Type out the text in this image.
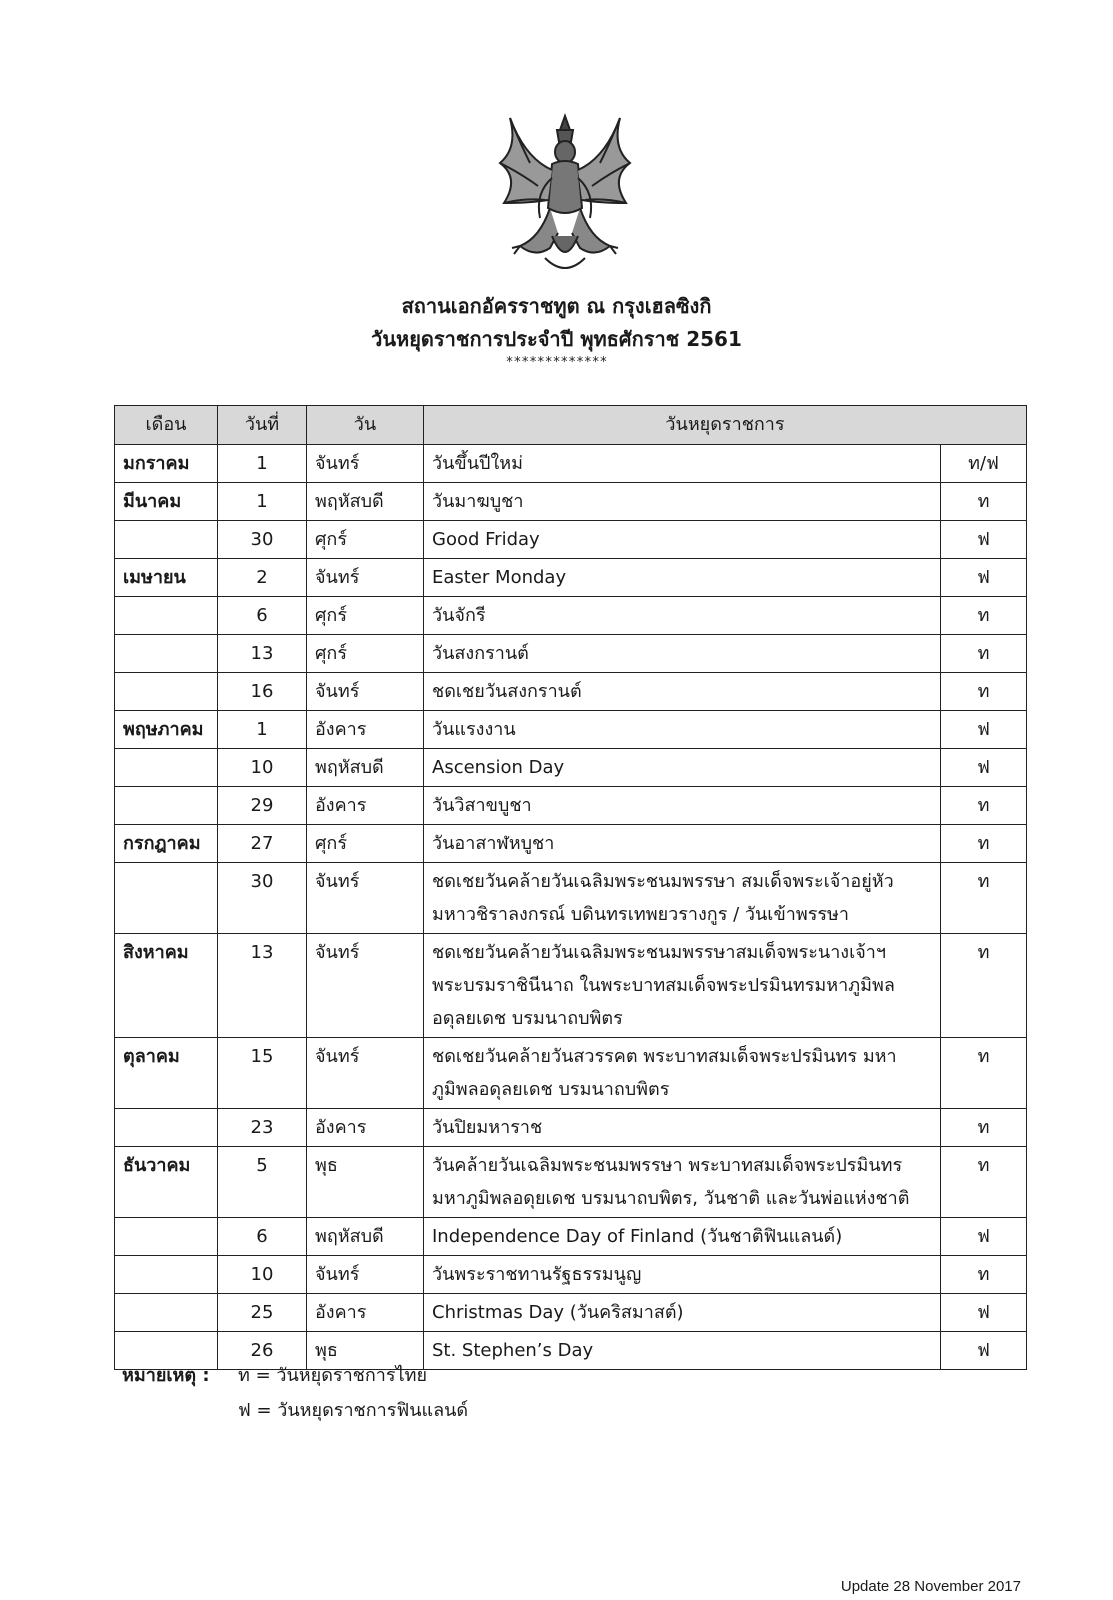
สถานเอกอัครราชทูต ณ กรุงเฮลซิงกิ
วันหยุดราชการประจำปี พุทธศักราช 2561
*************
เดือน	วันที่	วัน	วันหยุดราชการ	
มกราคม	1	จันทร์	วันขึ้นปีใหม่	ท/ฟ
มีนาคม	1	พฤหัสบดี	วันมาฆบูชา	ท
	30	ศุกร์	Good Friday	ฟ
เมษายน	2	จันทร์	Easter Monday	ฟ
	6	ศุกร์	วันจักรี	ท
	13	ศุกร์	วันสงกรานต์	ท
	16	จันทร์	ชดเชยวันสงกรานต์	ท
พฤษภาคม	1	อังคาร	วันแรงงาน	ฟ
	10	พฤหัสบดี	Ascension Day	ฟ
	29	อังคาร	วันวิสาขบูชา	ท
กรกฎาคม	27	ศุกร์	วันอาสาฬหบูชา	ท
	30	จันทร์	ชดเชยวันคล้ายวันเฉลิมพระชนมพรรษา สมเด็จพระเจ้าอยู่หัว มหาวชิราลงกรณ์ บดินทรเทพยวรางกูร / วันเข้าพรรษา	ท
สิงหาคม	13	จันทร์	ชดเชยวันคล้ายวันเฉลิมพระชนมพรรษาสมเด็จพระนางเจ้าฯ พระบรมราชินีนาถ ในพระบาทสมเด็จพระปรมินทรมหาภูมิพล อดุลยเดช บรมนาถบพิตร	ท
ตุลาคม	15	จันทร์	ชดเชยวันคล้ายวันสวรรคต พระบาทสมเด็จพระปรมินทร มหาภูมิพลอดุลยเดช บรมนาถบพิตร	ท
	23	อังคาร	วันปิยมหาราช	ท
ธันวาคม	5	พุธ	วันคล้ายวันเฉลิมพระชนมพรรษา พระบาทสมเด็จพระปรมินทร มหาภูมิพลอดุยเดช บรมนาถบพิตร, วันชาติ และวันพ่อแห่งชาติ	ท
	6	พฤหัสบดี	Independence Day of Finland (วันชาติฟินแลนด์)	ฟ
	10	จันทร์	วันพระราชทานรัฐธรรมนูญ	ท
	25	อังคาร	Christmas Day (วันคริสมาสต์)	ฟ
	26	พุธ	St. Stephen’s Day	ฟ
หมายเหตุ : ท = วันหยุดราชการไทย
ฟ = วันหยุดราชการฟินแลนด์
Update 28 November 2017
